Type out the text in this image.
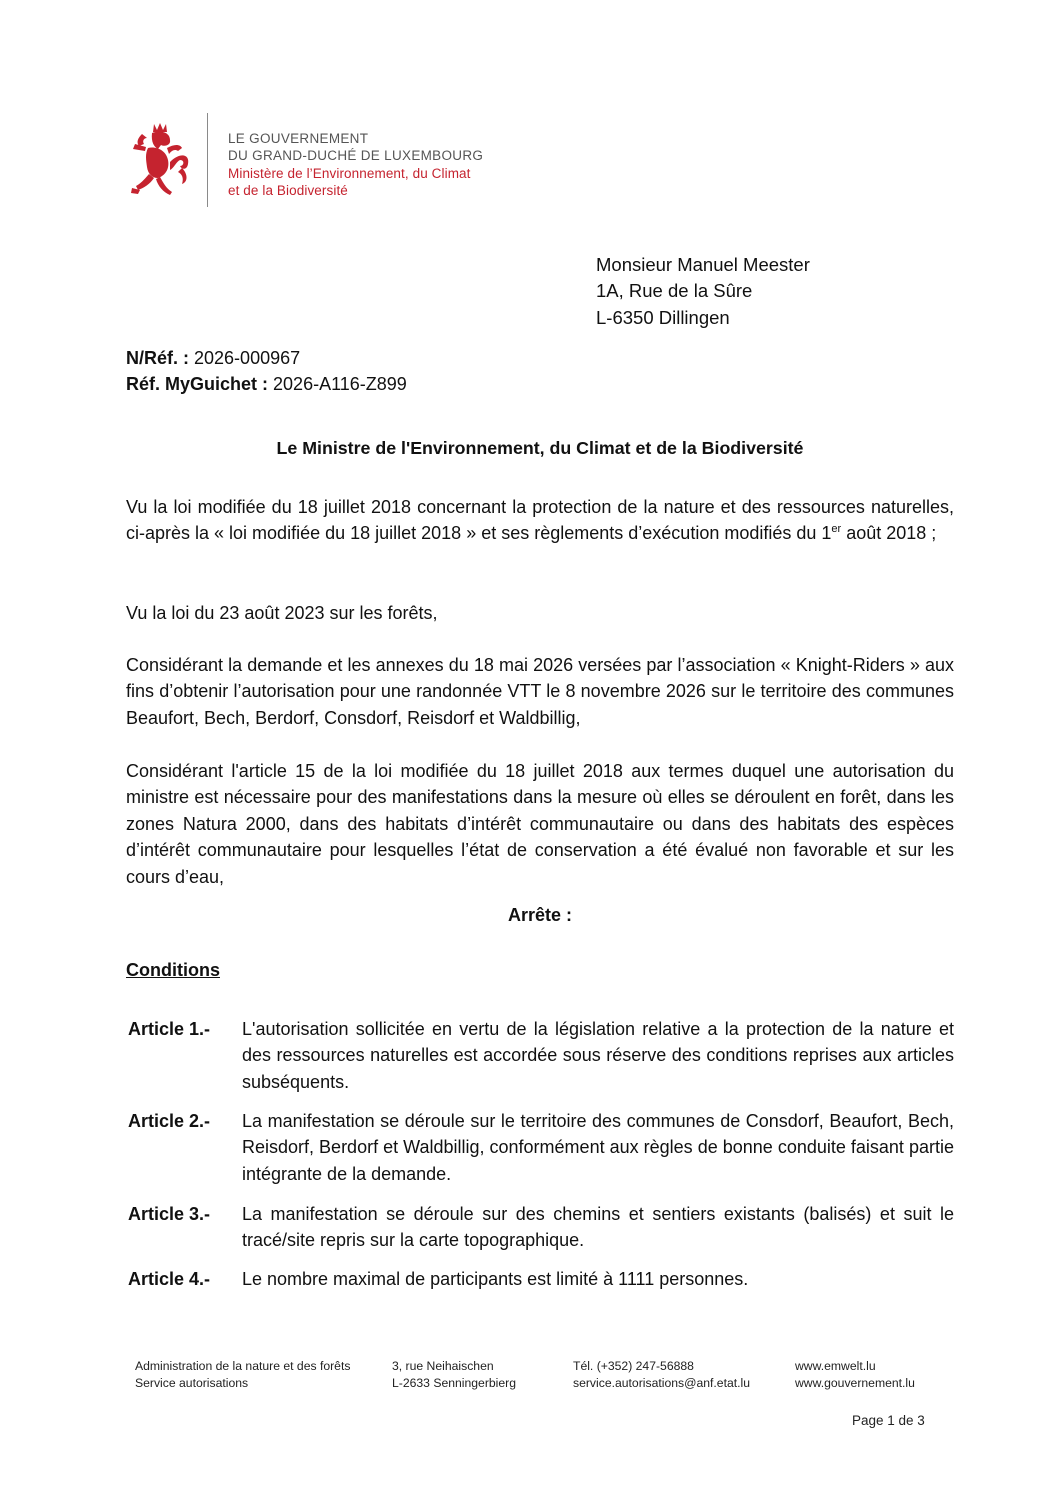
LE GOUVERNEMENT
DU GRAND-DUCHÉ DE LUXEMBOURG
Ministère de l’Environnement, du Climat
et de la Biodiversité
Monsieur Manuel Meester
1A, Rue de la Sûre
L-6350 Dillingen
N/Réf. : 2026-000967
Réf. MyGuichet : 2026-A116-Z899
Le Ministre de l'Environnement, du Climat et de la Biodiversité
Vu la loi modifiée du 18 juillet 2018 concernant la protection de la nature et des ressources naturelles, ci-après la « loi modifiée du 18 juillet 2018 » et ses règlements d’exécution modifiés du 1er août 2018 ;
Vu la loi du 23 août 2023 sur les forêts,
Considérant la demande et les annexes du 18 mai 2026 versées par l’association « Knight-Riders » aux fins d’obtenir l’autorisation pour une randonnée VTT le 8 novembre 2026 sur le territoire des communes Beaufort, Bech, Berdorf, Consdorf, Reisdorf et Waldbillig,
Considérant l'article 15 de la loi modifiée du 18 juillet 2018 aux termes duquel une autorisation du ministre est nécessaire pour des manifestations dans la mesure où elles se déroulent en forêt, dans les zones Natura 2000, dans des habitats d’intérêt communautaire ou dans des habitats des espèces d’intérêt communautaire pour lesquelles l’état de conservation a été évalué non favorable et sur les cours d’eau,
Arrête :
Conditions
Article 1.- L'autorisation sollicitée en vertu de la législation relative a la protection de la nature et des ressources naturelles est accordée sous réserve des conditions reprises aux articles subséquents.
Article 2.- La manifestation se déroule sur le territoire des communes de Consdorf, Beaufort, Bech, Reisdorf, Berdorf et Waldbillig, conformément aux règles de bonne conduite faisant partie intégrante de la demande.
Article 3.- La manifestation se déroule sur des chemins et sentiers existants (balisés) et suit le tracé/site repris sur la carte topographique.
Article 4.- Le nombre maximal de participants est limité à 1111 personnes.
Administration de la nature et des forêts
Service autorisations
3, rue Neihaischen
L-2633 Senningerbierg
Tél. (+352) 247-56888
service.autorisations@anf.etat.lu
www.emwelt.lu
www.gouvernement.lu
Page 1 de 3
